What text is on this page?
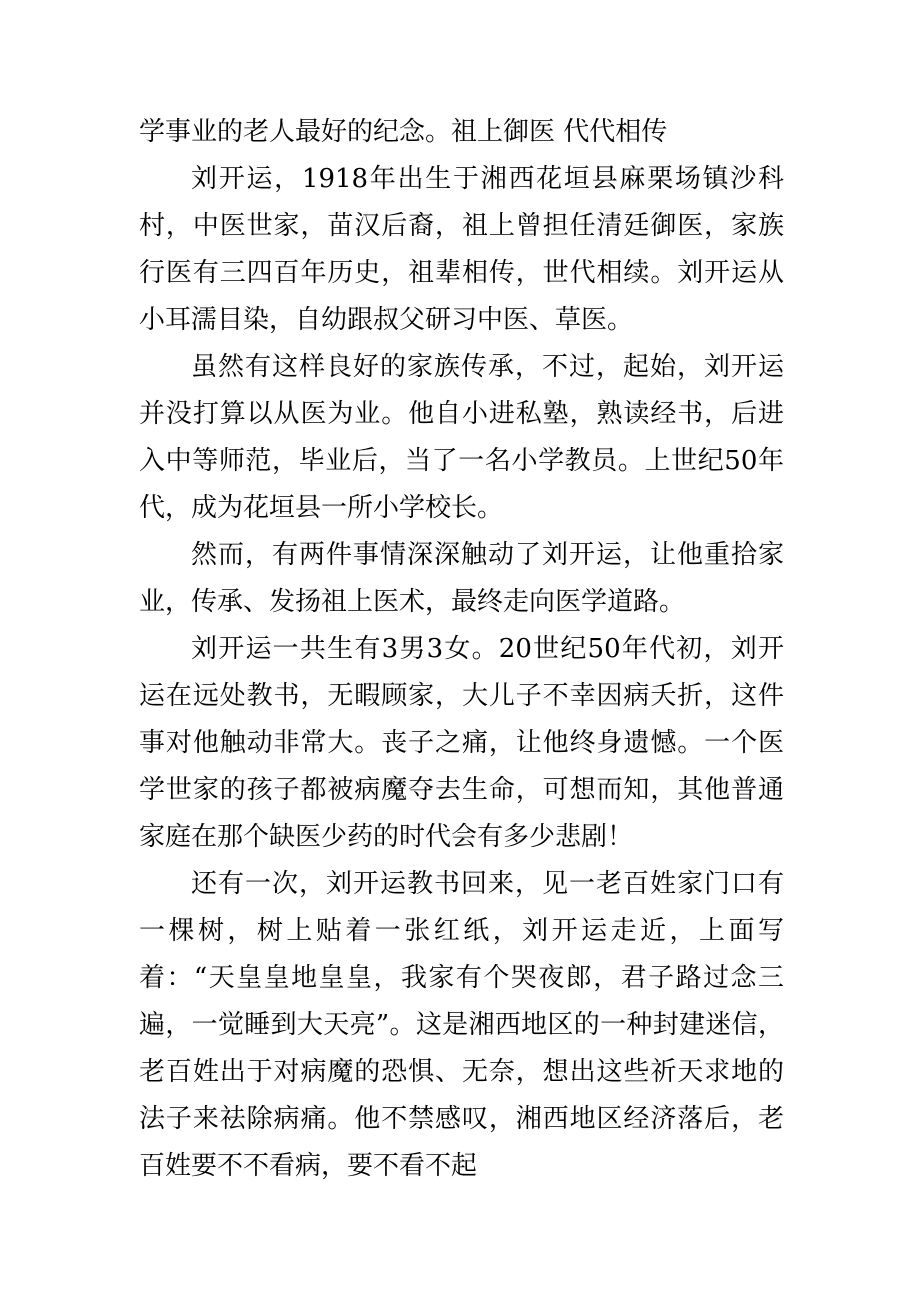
学事业的老人最好的纪念。祖上御医 代代相传

刘开运，1918年出生于湘西花垣县麻栗场镇沙科村，中医世家，苗汉后裔，祖上曾担任清廷御医，家族行医有三四百年历史，祖辈相传，世代相续。刘开运从小耳濡目染，自幼跟叔父研习中医、草医。

虽然有这样良好的家族传承，不过，起始，刘开运并没打算以从医为业。他自小进私塾，熟读经书，后进入中等师范，毕业后，当了一名小学教员。上世纪50年代，成为花垣县一所小学校长。

然而，有两件事情深深触动了刘开运，让他重拾家业，传承、发扬祖上医术，最终走向医学道路。

刘开运一共生有3男3女。20世纪50年代初，刘开运在远处教书，无暇顾家，大儿子不幸因病夭折，这件事对他触动非常大。丧子之痛，让他终身遗憾。一个医学世家的孩子都被病魔夺去生命，可想而知，其他普通家庭在那个缺医少药的时代会有多少悲剧！

还有一次，刘开运教书回来，见一老百姓家门口有一棵树，树上贴着一张红纸，刘开运走近，上面写着：“天皇皇地皇皇，我家有个哭夜郎，君子路过念三遍，一觉睡到大天亮”。这是湘西地区的一种封建迷信，老百姓出于对病魔的恐惧、无奈，想出这些祈天求地的法子来祛除病痛。他不禁感叹，湘西地区经济落后，老百姓要不不看病，要不看不起
